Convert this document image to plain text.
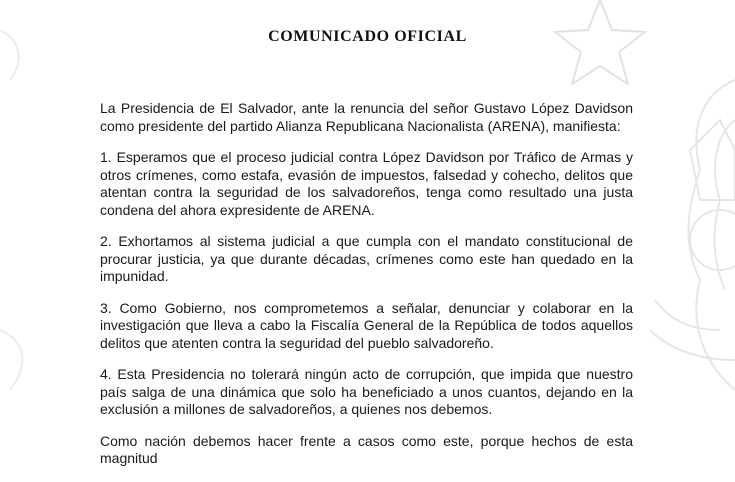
COMUNICADO OFICIAL

La Presidencia de El Salvador, ante la renuncia del señor Gustavo López Davidson como presidente del partido Alianza Republicana Nacionalista (ARENA), manifiesta:

1. Esperamos que el proceso judicial contra López Davidson por Tráfico de Armas y otros crímenes, como estafa, evasión de impuestos, falsedad y cohecho, delitos que atentan contra la seguridad de los salvadoreños, tenga como resultado una justa condena del ahora expresidente de ARENA.

2. Exhortamos al sistema judicial a que cumpla con el mandato constitucional de procurar justicia, ya que durante décadas, crímenes como este han quedado en la impunidad.

3. Como Gobierno, nos comprometemos a señalar, denunciar y colaborar en la investigación que lleva a cabo la Fiscalía General de la República de todos aquellos delitos que atenten contra la seguridad del pueblo salvadoreño.

4. Esta Presidencia no tolerará ningún acto de corrupción, que impida que nuestro país salga de una dinámica que solo ha beneficiado a unos cuantos, dejando en la exclusión a millones de salvadoreños, a quienes nos debemos.

Como nación debemos hacer frente a casos como este, porque hechos de esta magnitud
